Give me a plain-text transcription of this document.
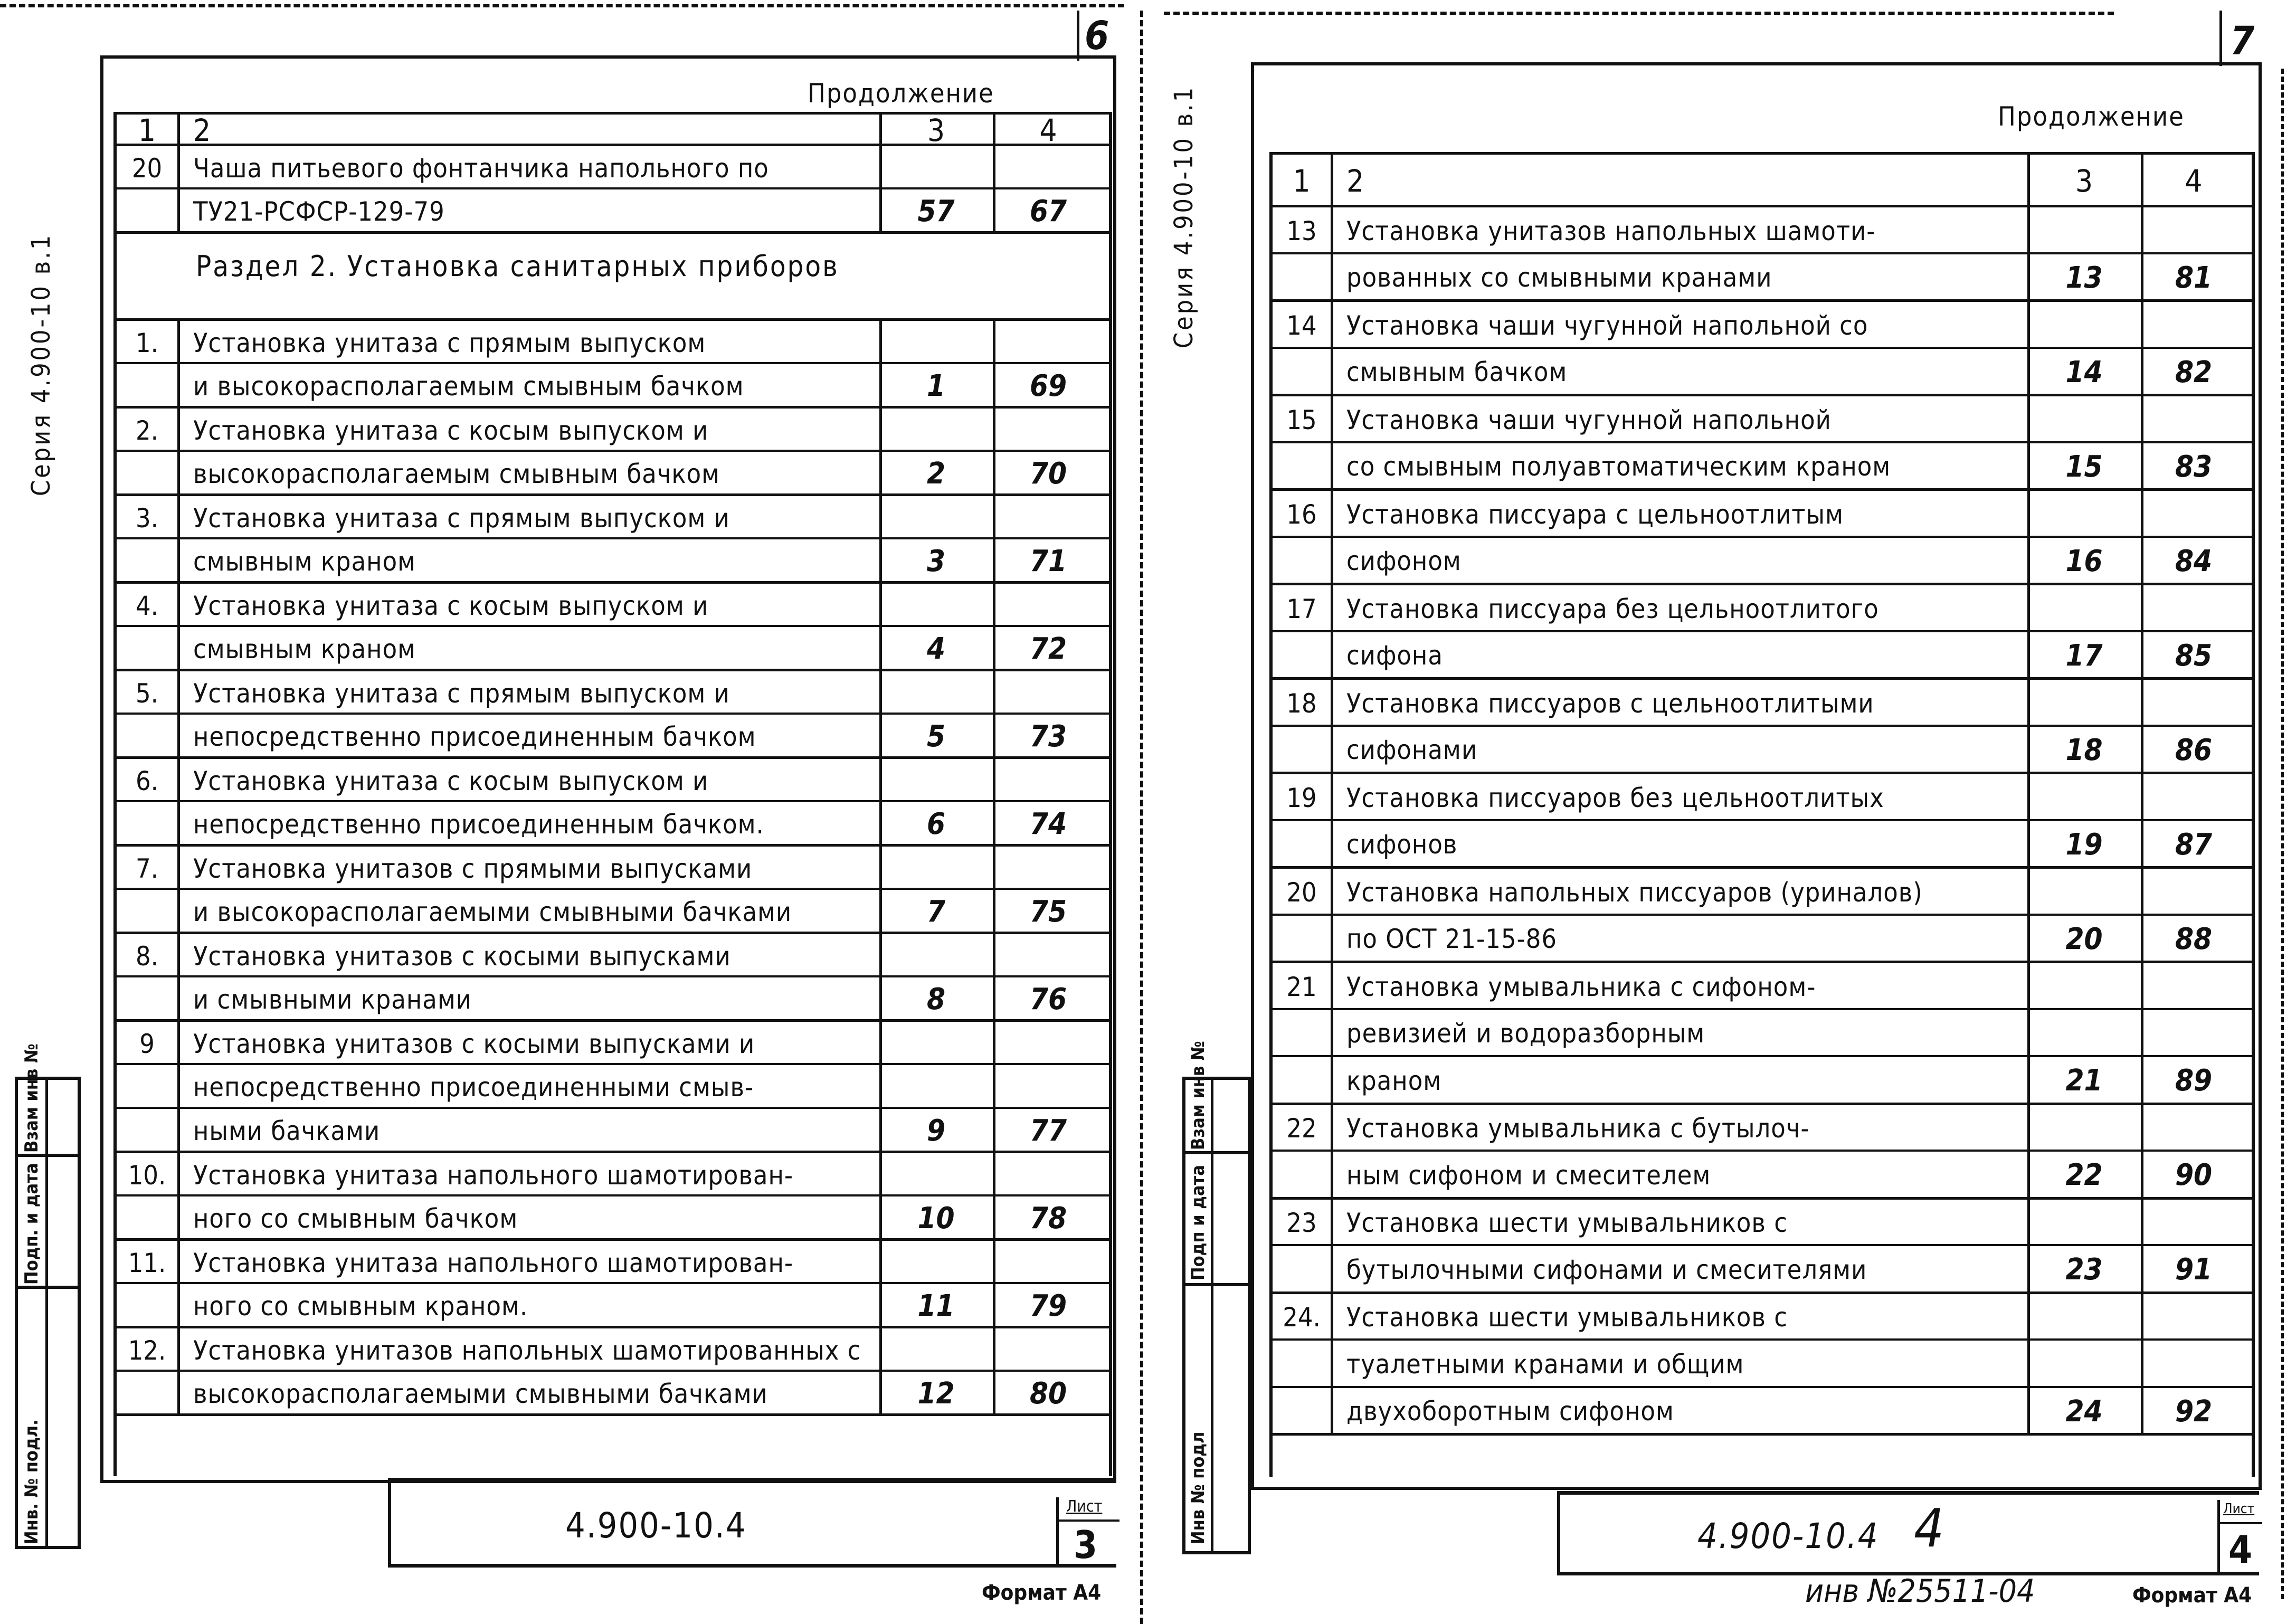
6
Серия 4.900-10 в.1
Продолжение
1	2	3	4
20	Чаша питьевого фонтанчика напольного по
ТУ21-РСФСР-129-79	57	67
Раздел 2. Установка санитарных приборов
1.	Установка унитаза с прямым выпуском
и высокорасполагаемым смывным бачком	1	69
2.	Установка унитаза с косым выпуском и
высокорасполагаемым смывным бачком	2	70
3.	Установка унитаза с прямым выпуском и
смывным краном	3	71
4.	Установка унитаза с косым выпуском и
смывным краном	4	72
5.	Установка унитаза с прямым выпуском и
непосредственно присоединенным бачком	5	73
6.	Установка унитаза с косым выпуском и
непосредственно присоединенным бачком.	6	74
7.	Установка унитазов с прямыми выпусками
и высокорасполагаемыми смывными бачками	7	75
8.	Установка унитазов с косыми выпусками
и смывными кранами	8	76
9	Установка унитазов с косыми выпусками и
непосредственно присоединенными смыв-
ными бачками	9	77
10.	Установка унитаза напольного шамотирован-
ного со смывным бачком	10	78
11.	Установка унитаза напольного шамотирован-
ного со смывным краном.	11	79
12.	Установка унитазов напольных шамотированных с
высокорасполагаемыми смывными бачками	12	80
Взам инв №
Подп. и дата
Инв. № подл.	4.900-10.4	Лист
3
Формат А4
7
Серия 4.900-10 в.1	Продолжение
1	2	3	4
13	Установка унитазов напольных шамоти-
рованных со смывными кранами	13	81
14	Установка чаши чугунной напольной со
смывным бачком	14	82
15	Установка чаши чугунной напольной
со смывным полуавтоматическим краном	15	83
16	Установка писсуара с цельноотлитым
сифоном	16	84
17	Установка писсуара без цельноотлитого
сифона	17	85
18	Установка писсуаров с цельноотлитыми
сифонами	18	86
19	Установка писсуаров без цельноотлитых
сифонов	19	87
20	Установка напольных писсуаров (уриналов)
по ОСТ 21-15-86	20	88
21	Установка умывальника с сифоном-
ревизией и водоразборным
краном	21	89
22	Установка умывальника с бутылоч-
ным сифоном и смесителем	22	90
23	Установка шести умывальников с
бутылочными сифонами и смесителями	23	91
24. Установка шести умывальников с
туалетными кранами и общим
двухоборотным сифоном	24	92
Взам инв №
Подп и дата
Инв № подл	4.900-10.4 4	Лист
4
инв №25511-04	Формат А4
